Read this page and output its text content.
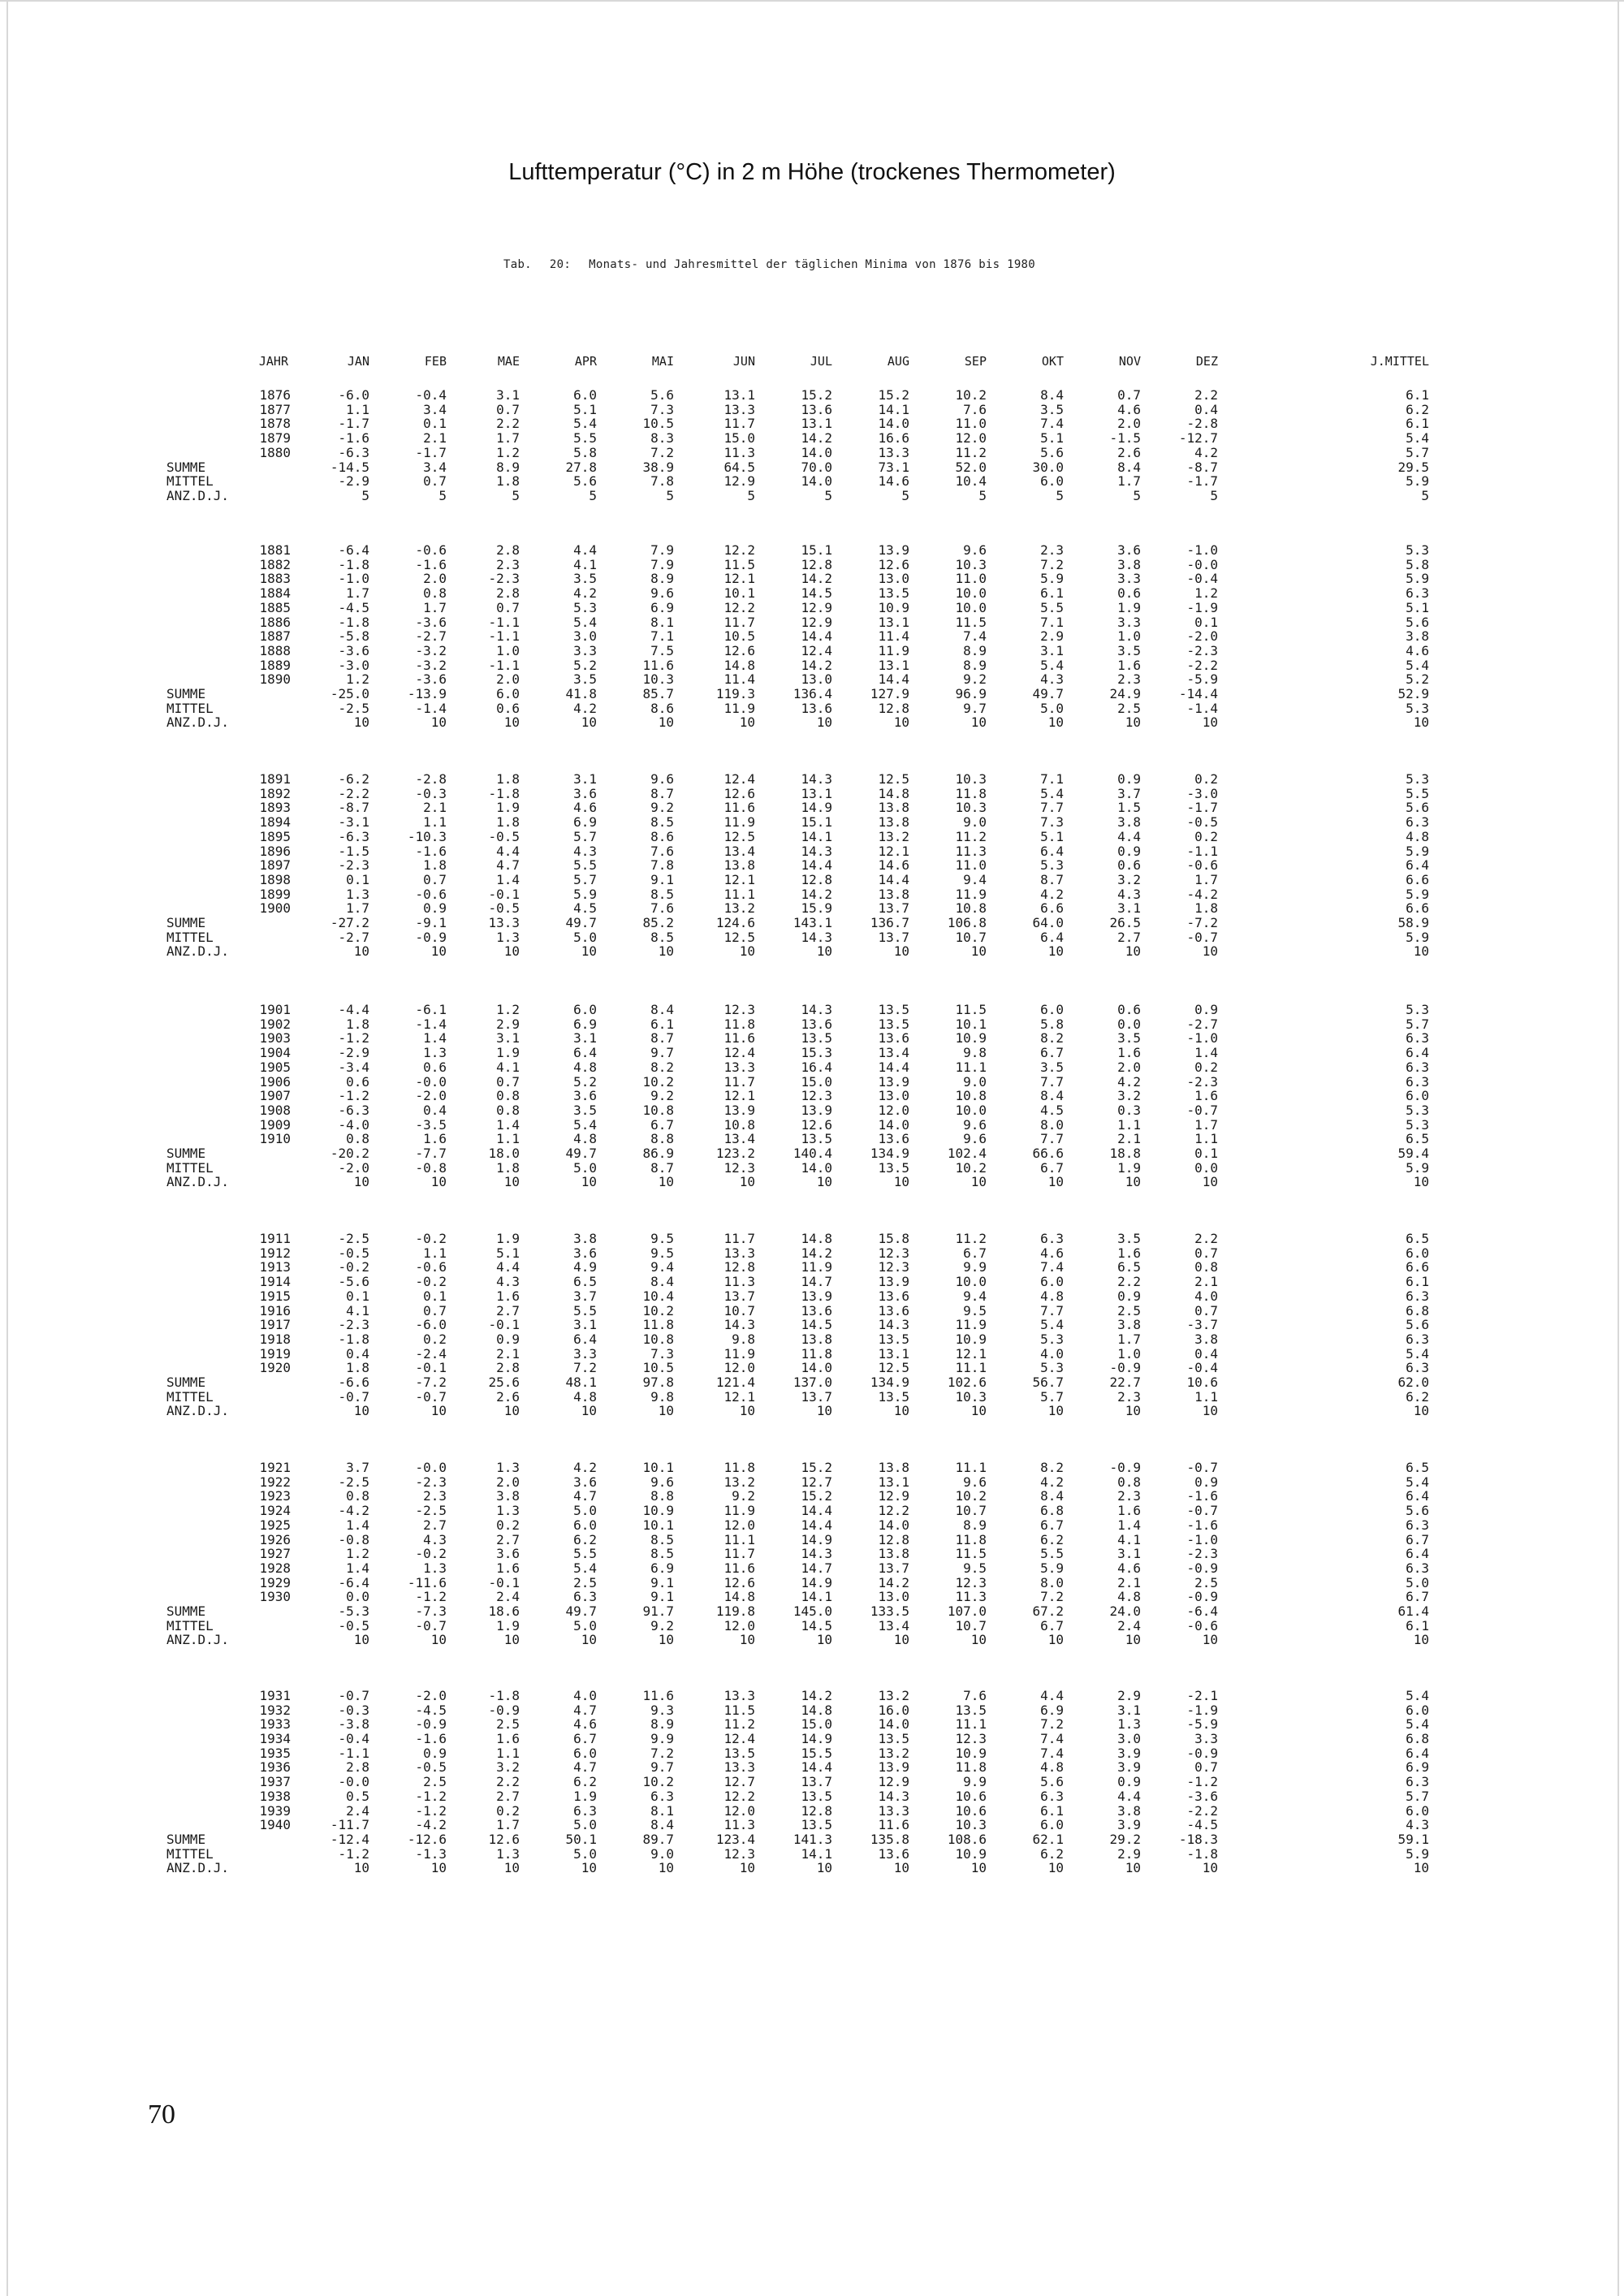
Lufttemperatur (°C) in 2 m Höhe (trockenes Thermometer)
Tab. 20: Monats- und Jahresmittel der täglichen Minima von 1876 bis 1980
JAHR	JAN	FEB	MAE	APR	MAI	JUN	JUL	AUG	SEP	OKT	NOV	DEZ	J.MITTEL
1876	-6.0	-0.4	3.1	6.0	5.6	13.1	15.2	15.2	10.2	8.4	0.7	2.2	6.1
1877	1.1	3.4	0.7	5.1	7.3	13.3	13.6	14.1	7.6	3.5	4.6	0.4	6.2
1878	-1.7	0.1	2.2	5.4	10.5	11.7	13.1	14.0	11.0	7.4	2.0	-2.8	6.1
1879	-1.6	2.1	1.7	5.5	8.3	15.0	14.2	16.6	12.0	5.1	-1.5	-12.7	5.4
1880	-6.3	-1.7	1.2	5.8	7.2	11.3	14.0	13.3	11.2	5.6	2.6	4.2	5.7
SUMME	-14.5	3.4	8.9	27.8	38.9	64.5	70.0	73.1	52.0	30.0	8.4	-8.7	29.5
MITTEL	-2.9	0.7	1.8	5.6	7.8	12.9	14.0	14.6	10.4	6.0	1.7	-1.7	5.9
ANZ.D.J.	5	5	5	5	5	5	5	5	5	5	5	5	5
1881	-6.4	-0.6	2.8	4.4	7.9	12.2	15.1	13.9	9.6	2.3	3.6	-1.0	5.3
1882	-1.8	-1.6	2.3	4.1	7.9	11.5	12.8	12.6	10.3	7.2	3.8	-0.0	5.8
1883	-1.0	2.0	-2.3	3.5	8.9	12.1	14.2	13.0	11.0	5.9	3.3	-0.4	5.9
1884	1.7	0.8	2.8	4.2	9.6	10.1	14.5	13.5	10.0	6.1	0.6	1.2	6.3
1885	-4.5	1.7	0.7	5.3	6.9	12.2	12.9	10.9	10.0	5.5	1.9	-1.9	5.1
1886	-1.8	-3.6	-1.1	5.4	8.1	11.7	12.9	13.1	11.5	7.1	3.3	0.1	5.6
1887	-5.8	-2.7	-1.1	3.0	7.1	10.5	14.4	11.4	7.4	2.9	1.0	-2.0	3.8
1888	-3.6	-3.2	1.0	3.3	7.5	12.6	12.4	11.9	8.9	3.1	3.5	-2.3	4.6
1889	-3.0	-3.2	-1.1	5.2	11.6	14.8	14.2	13.1	8.9	5.4	1.6	-2.2	5.4
1890	1.2	-3.6	2.0	3.5	10.3	11.4	13.0	14.4	9.2	4.3	2.3	-5.9	5.2
SUMME	-25.0	-13.9	6.0	41.8	85.7	119.3	136.4	127.9	96.9	49.7	24.9	-14.4	52.9
MITTEL	-2.5	-1.4	0.6	4.2	8.6	11.9	13.6	12.8	9.7	5.0	2.5	-1.4	5.3
ANZ.D.J.	10	10	10	10	10	10	10	10	10	10	10	10	10
1891	-6.2	-2.8	1.8	3.1	9.6	12.4	14.3	12.5	10.3	7.1	0.9	0.2	5.3
1892	-2.2	-0.3	-1.8	3.6	8.7	12.6	13.1	14.8	11.8	5.4	3.7	-3.0	5.5
1893	-8.7	2.1	1.9	4.6	9.2	11.6	14.9	13.8	10.3	7.7	1.5	-1.7	5.6
1894	-3.1	1.1	1.8	6.9	8.5	11.9	15.1	13.8	9.0	7.3	3.8	-0.5	6.3
1895	-6.3	-10.3	-0.5	5.7	8.6	12.5	14.1	13.2	11.2	5.1	4.4	0.2	4.8
1896	-1.5	-1.6	4.4	4.3	7.6	13.4	14.3	12.1	11.3	6.4	0.9	-1.1	5.9
1897	-2.3	1.8	4.7	5.5	7.8	13.8	14.4	14.6	11.0	5.3	0.6	-0.6	6.4
1898	0.1	0.7	1.4	5.7	9.1	12.1	12.8	14.4	9.4	8.7	3.2	1.7	6.6
1899	1.3	-0.6	-0.1	5.9	8.5	11.1	14.2	13.8	11.9	4.2	4.3	-4.2	5.9
1900	1.7	0.9	-0.5	4.5	7.6	13.2	15.9	13.7	10.8	6.6	3.1	1.8	6.6
SUMME	-27.2	-9.1	13.3	49.7	85.2	124.6	143.1	136.7	106.8	64.0	26.5	-7.2	58.9
MITTEL	-2.7	-0.9	1.3	5.0	8.5	12.5	14.3	13.7	10.7	6.4	2.7	-0.7	5.9
ANZ.D.J.	10	10	10	10	10	10	10	10	10	10	10	10	10
1901	-4.4	-6.1	1.2	6.0	8.4	12.3	14.3	13.5	11.5	6.0	0.6	0.9	5.3
1902	1.8	-1.4	2.9	6.9	6.1	11.8	13.6	13.5	10.1	5.8	0.0	-2.7	5.7
1903	-1.2	1.4	3.1	3.1	8.7	11.6	13.5	13.6	10.9	8.2	3.5	-1.0	6.3
1904	-2.9	1.3	1.9	6.4	9.7	12.4	15.3	13.4	9.8	6.7	1.6	1.4	6.4
1905	-3.4	0.6	4.1	4.8	8.2	13.3	16.4	14.4	11.1	3.5	2.0	0.2	6.3
1906	0.6	-0.0	0.7	5.2	10.2	11.7	15.0	13.9	9.0	7.7	4.2	-2.3	6.3
1907	-1.2	-2.0	0.8	3.6	9.2	12.1	12.3	13.0	10.8	8.4	3.2	1.6	6.0
1908	-6.3	0.4	0.8	3.5	10.8	13.9	13.9	12.0	10.0	4.5	0.3	-0.7	5.3
1909	-4.0	-3.5	1.4	5.4	6.7	10.8	12.6	14.0	9.6	8.0	1.1	1.7	5.3
1910	0.8	1.6	1.1	4.8	8.8	13.4	13.5	13.6	9.6	7.7	2.1	1.1	6.5
SUMME	-20.2	-7.7	18.0	49.7	86.9	123.2	140.4	134.9	102.4	66.6	18.8	0.1	59.4
MITTEL	-2.0	-0.8	1.8	5.0	8.7	12.3	14.0	13.5	10.2	6.7	1.9	0.0	5.9
ANZ.D.J.	10	10	10	10	10	10	10	10	10	10	10	10	10
1911	-2.5	-0.2	1.9	3.8	9.5	11.7	14.8	15.8	11.2	6.3	3.5	2.2	6.5
1912	-0.5	1.1	5.1	3.6	9.5	13.3	14.2	12.3	6.7	4.6	1.6	0.7	6.0
1913	-0.2	-0.6	4.4	4.9	9.4	12.8	11.9	12.3	9.9	7.4	6.5	0.8	6.6
1914	-5.6	-0.2	4.3	6.5	8.4	11.3	14.7	13.9	10.0	6.0	2.2	2.1	6.1
1915	0.1	0.1	1.6	3.7	10.4	13.7	13.9	13.6	9.4	4.8	0.9	4.0	6.3
1916	4.1	0.7	2.7	5.5	10.2	10.7	13.6	13.6	9.5	7.7	2.5	0.7	6.8
1917	-2.3	-6.0	-0.1	3.1	11.8	14.3	14.5	14.3	11.9	5.4	3.8	-3.7	5.6
1918	-1.8	0.2	0.9	6.4	10.8	9.8	13.8	13.5	10.9	5.3	1.7	3.8	6.3
1919	0.4	-2.4	2.1	3.3	7.3	11.9	11.8	13.1	12.1	4.0	1.0	0.4	5.4
1920	1.8	-0.1	2.8	7.2	10.5	12.0	14.0	12.5	11.1	5.3	-0.9	-0.4	6.3
SUMME	-6.6	-7.2	25.6	48.1	97.8	121.4	137.0	134.9	102.6	56.7	22.7	10.6	62.0
MITTEL	-0.7	-0.7	2.6	4.8	9.8	12.1	13.7	13.5	10.3	5.7	2.3	1.1	6.2
ANZ.D.J.	10	10	10	10	10	10	10	10	10	10	10	10	10
1921	3.7	-0.0	1.3	4.2	10.1	11.8	15.2	13.8	11.1	8.2	-0.9	-0.7	6.5
1922	-2.5	-2.3	2.0	3.6	9.6	13.2	12.7	13.1	9.6	4.2	0.8	0.9	5.4
1923	0.8	2.3	3.8	4.7	8.8	9.2	15.2	12.9	10.2	8.4	2.3	-1.6	6.4
1924	-4.2	-2.5	1.3	5.0	10.9	11.9	14.4	12.2	10.7	6.8	1.6	-0.7	5.6
1925	1.4	2.7	0.2	6.0	10.1	12.0	14.4	14.0	8.9	6.7	1.4	-1.6	6.3
1926	-0.8	4.3	2.7	6.2	8.5	11.1	14.9	12.8	11.8	6.2	4.1	-1.0	6.7
1927	1.2	-0.2	3.6	5.5	8.5	11.7	14.3	13.8	11.5	5.5	3.1	-2.3	6.4
1928	1.4	1.3	1.6	5.4	6.9	11.6	14.7	13.7	9.5	5.9	4.6	-0.9	6.3
1929	-6.4	-11.6	-0.1	2.5	9.1	12.6	14.9	14.2	12.3	8.0	2.1	2.5	5.0
1930	0.0	-1.2	2.4	6.3	9.1	14.8	14.1	13.0	11.3	7.2	4.8	-0.9	6.7
SUMME	-5.3	-7.3	18.6	49.7	91.7	119.8	145.0	133.5	107.0	67.2	24.0	-6.4	61.4
MITTEL	-0.5	-0.7	1.9	5.0	9.2	12.0	14.5	13.4	10.7	6.7	2.4	-0.6	6.1
ANZ.D.J.	10	10	10	10	10	10	10	10	10	10	10	10	10
1931	-0.7	-2.0	-1.8	4.0	11.6	13.3	14.2	13.2	7.6	4.4	2.9	-2.1	5.4
1932	-0.3	-4.5	-0.9	4.7	9.3	11.5	14.8	16.0	13.5	6.9	3.1	-1.9	6.0
1933	-3.8	-0.9	2.5	4.6	8.9	11.2	15.0	14.0	11.1	7.2	1.3	-5.9	5.4
1934	-0.4	-1.6	1.6	6.7	9.9	12.4	14.9	13.5	12.3	7.4	3.0	3.3	6.8
1935	-1.1	0.9	1.1	6.0	7.2	13.5	15.5	13.2	10.9	7.4	3.9	-0.9	6.4
1936	2.8	-0.5	3.2	4.7	9.7	13.3	14.4	13.9	11.8	4.8	3.9	0.7	6.9
1937	-0.0	2.5	2.2	6.2	10.2	12.7	13.7	12.9	9.9	5.6	0.9	-1.2	6.3
1938	0.5	-1.2	2.7	1.9	6.3	12.2	13.5	14.3	10.6	6.3	4.4	-3.6	5.7
1939	2.4	-1.2	0.2	6.3	8.1	12.0	12.8	13.3	10.6	6.1	3.8	-2.2	6.0
1940	-11.7	-4.2	1.7	5.0	8.4	11.3	13.5	11.6	10.3	6.0	3.9	-4.5	4.3
SUMME	-12.4	-12.6	12.6	50.1	89.7	123.4	141.3	135.8	108.6	62.1	29.2	-18.3	59.1
MITTEL	-1.2	-1.3	1.3	5.0	9.0	12.3	14.1	13.6	10.9	6.2	2.9	-1.8	5.9
ANZ.D.J.	10	10	10	10	10	10	10	10	10	10	10	10	10
70
